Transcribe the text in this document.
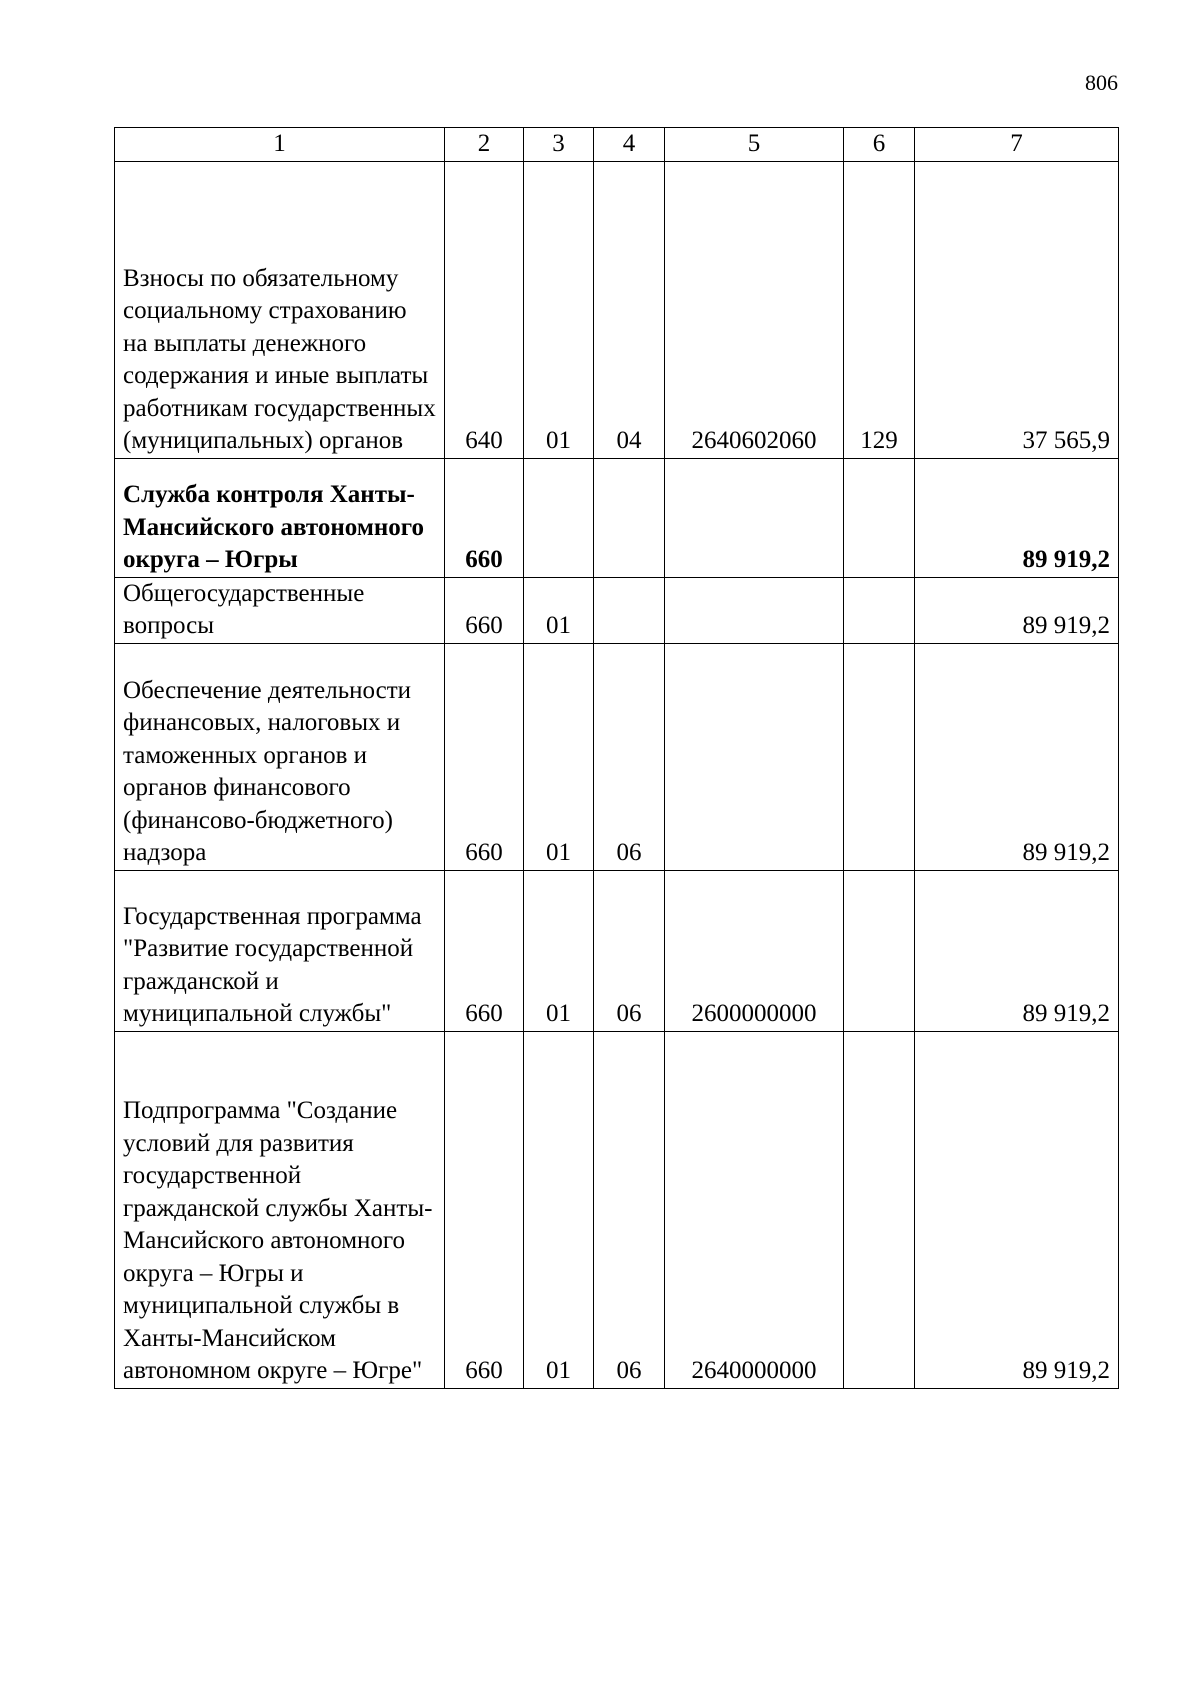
806
1	2	3	4	5	6	7
Взносы по обязательному социальному страхованию на выплаты денежного содержания и иные выплаты работникам государственных (муниципальных) органов	640	01	04	2640602060	129	37 565,9
Служба контроля Ханты-Мансийского автономного округа – Югры	660					89 919,2
Общегосударственные вопросы	660	01				89 919,2
Обеспечение деятельности финансовых, налоговых и таможенных органов и органов финансового (финансово-бюджетного) надзора	660	01	06			89 919,2
Государственная программа "Развитие государственной гражданской и муниципальной службы"	660	01	06	2600000000		89 919,2
Подпрограмма "Создание условий для развития государственной гражданской службы Ханты-Мансийского автономного округа – Югры и муниципальной службы в Ханты-Мансийском автономном округе – Югре"	660	01	06	2640000000		89 919,2
